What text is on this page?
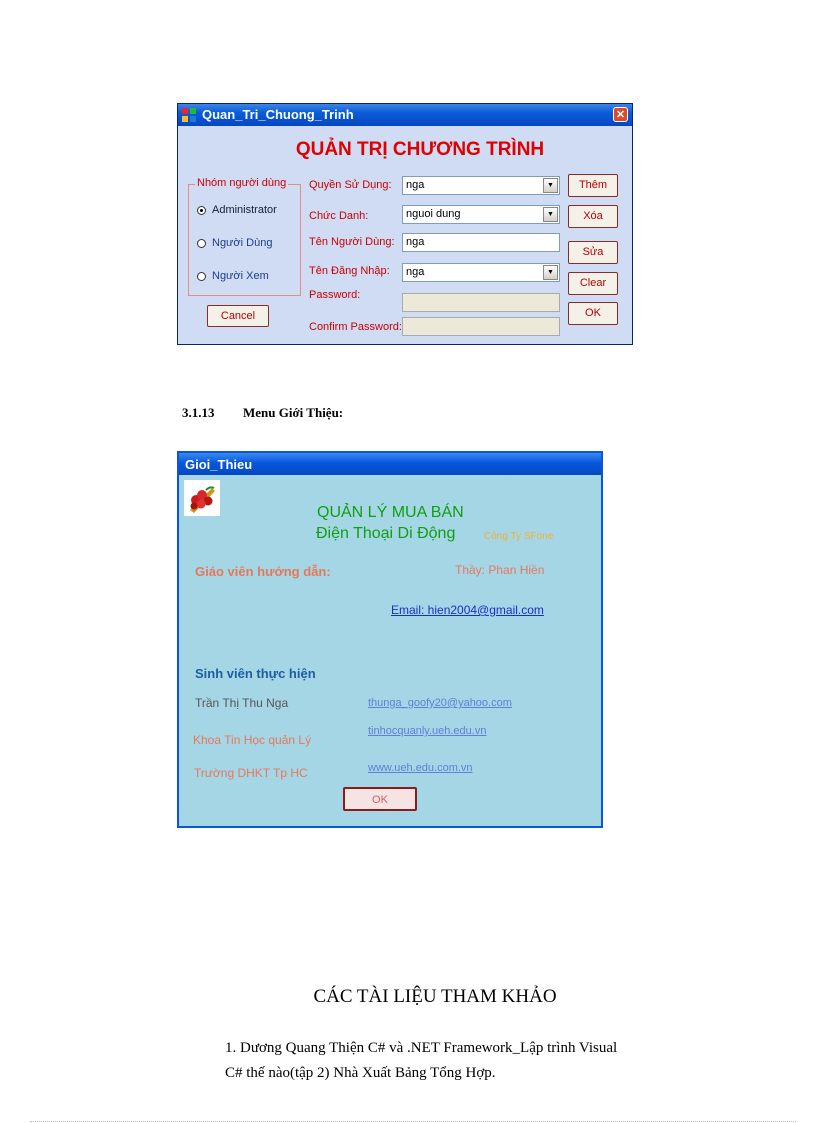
Quan_Tri_Chuong_Trinh	✕
QUẢN TRỊ CHƯƠNG TRÌNH
Nhóm người dùng
Administrator
Người Dùng
Người Xem
Cancel
Quyền Sử Dụng:	nga	▼
Chức Danh:	nguoi dung	▼
Tên Người Dùng:	nga
Tên Đăng Nhập:	nga	▼
Password:
Confirm Password:
Thêm
Xóa
Sửa
Clear
OK
3.1.13 Menu Giới Thiệu:
Gioi_Thieu
QUẢN LÝ MUA BÁN
Điện Thoại Di Động	Công Ty SFone
Giáo viên hướng dẫn:	Thầy: Phan Hiền
Email: hien2004@gmail.com
Sinh viên thực hiện
Trần Thị Thu Nga	thunga_goofy20@yahoo.com
Khoa Tin Học quản Lý
tinhocquanly.ueh.edu.vn
Trường DHKT Tp HC	www.ueh.edu.com.vn
OK
CÁC TÀI LIỆU THAM KHẢO
1. Dương Quang Thiện C# và .NET Framework_Lập trình Visual
C# thế nào(tập 2) Nhà Xuất Bảng Tổng Hợp.
